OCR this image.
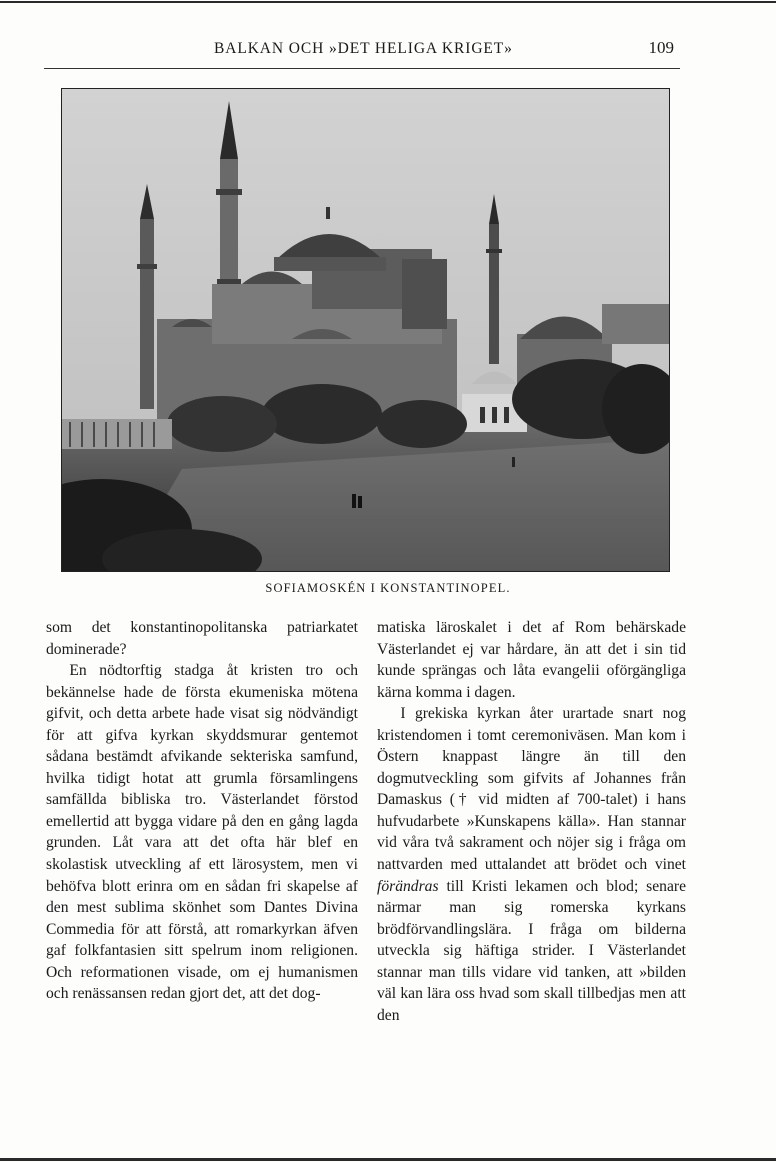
BALKAN OCH »DET HELIGA KRIGET»	109
SOFIAMOSKÉN I KONSTANTINOPEL.

som det konstantinopolitanska patriarkatet dominerade?

En nödtorftig stadga åt kristen tro och bekännelse hade de första ekumeniska mötena gifvit, och detta arbete hade visat sig nödvändigt för att gifva kyrkan skyddsmurar gentemot sådana bestämdt afvikande sekteriska samfund, hvilka tidigt hotat att grumla församlingens samfällda bibliska tro. Västerlandet förstod emellertid att bygga vidare på den en gång lagda grunden. Låt vara att det ofta här blef en skolastisk utveckling af ett lärosystem, men vi behöfva blott erinra om en sådan fri skapelse af den mest sublima skönhet som Dantes Divina Commedia för att förstå, att romarkyrkan äfven gaf folkfantasien sitt spelrum inom religionen. Och reformationen visade, om ej humanismen och renässansen redan gjort det, att det dog-

matiska läroskalet i det af Rom behärskade Västerlandet ej var hårdare, än att det i sin tid kunde sprängas och låta evangelii oförgängliga kärna komma i dagen.

I grekiska kyrkan åter urartade snart nog kristendomen i tomt ceremoniväsen. Man kom i Östern knappast längre än till den dogmutveckling som gifvits af Johannes från Damaskus († vid midten af 700-talet) i hans hufvudarbete »Kunskapens källa». Han stannar vid våra två sakrament och nöjer sig i fråga om nattvarden med uttalandet att brödet och vinet förändras till Kristi lekamen och blod; senare närmar man sig romerska kyrkans brödförvandlingslära. I fråga om bilderna utveckla sig häftiga strider. I Västerlandet stannar man tills vidare vid tanken, att »bilden väl kan lära oss hvad som skall tillbedjas men att den
